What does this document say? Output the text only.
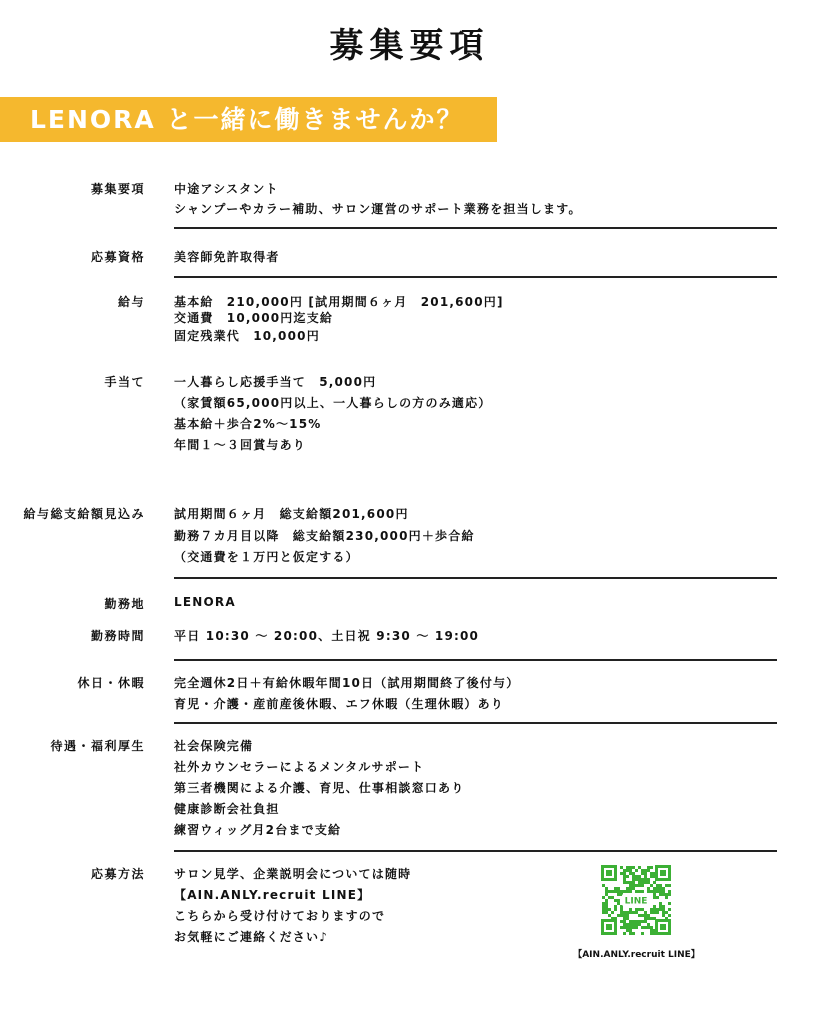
募集要項
LENORA と一緒に働きませんか？
募集要項 中途アシスタント
シャンプーやカラー補助、サロン運営のサポート業務を担当します。
応募資格 美容師免許取得者
給与 基本給　210,000円 [試用期間６ヶ月　201,600円]
交通費　10,000円迄支給
固定残業代　10,000円
手当て 一人暮らし応援手当て　5,000円
（家賃額65,000円以上、一人暮らしの方のみ適応）
基本給＋歩合2%〜15%
年間１〜３回賞与あり
給与総支給額見込み 試用期間６ヶ月　総支給額201,600円
勤務７カ月目以降　総支給額230,000円＋歩合給
（交通費を１万円と仮定する）
勤務地 LENORA
勤務時間 平日 10:30 〜 20:00、土日祝 9:30 〜 19:00
休日・休暇 完全週休2日＋有給休暇年間10日（試用期間終了後付与）
育児・介護・産前産後休暇、エフ休暇（生理休暇）あり
待遇・福利厚生 社会保険完備
社外カウンセラーによるメンタルサポート
第三者機関による介護、育児、仕事相談窓口あり
健康診断会社負担
練習ウィッグ月2台まで支給
応募方法 サロン見学、企業説明会については随時
【AIN.ANLY.recruit LINE】
こちらから受け付けておりますので
お気軽にご連絡ください♪
LINE
【AIN.ANLY.recruit LINE】
